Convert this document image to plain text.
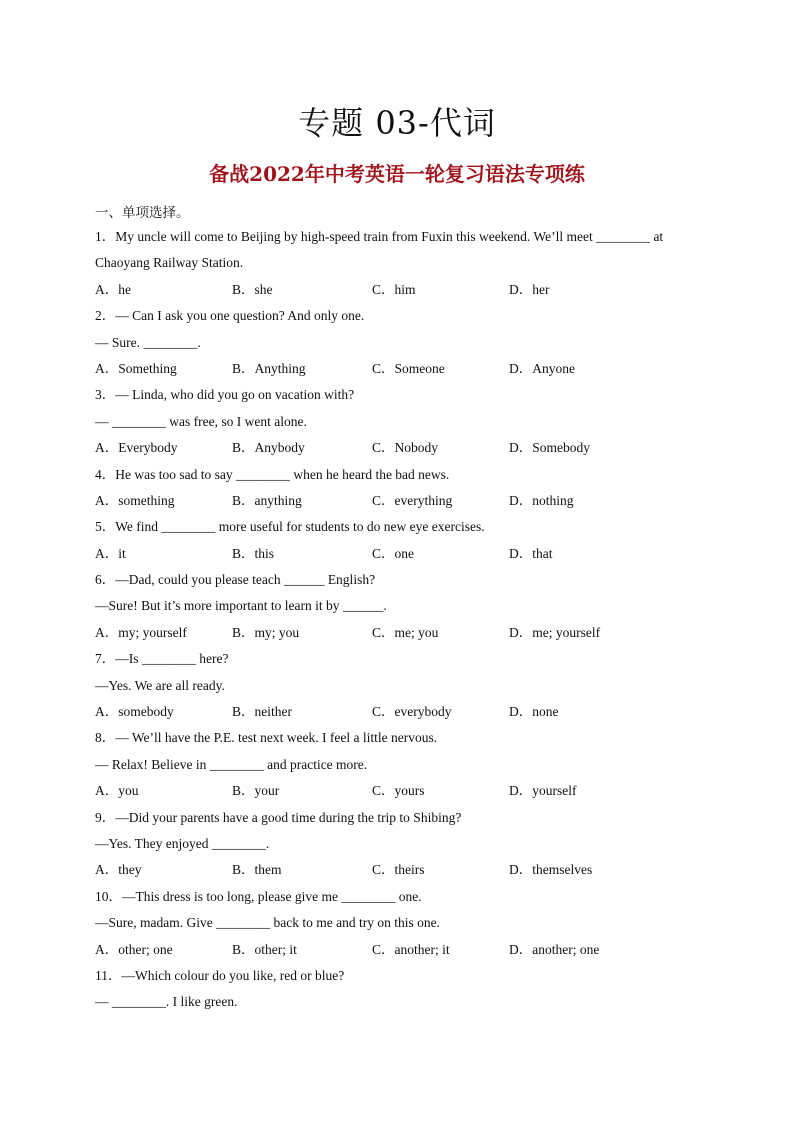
专题 03-代词
备战2022年中考英语一轮复习语法专项练
一、单项选择。
1．My uncle will come to Beijing by high-speed train from Fuxin this weekend. We’ll meet ________ at
Chaoyang Railway Station.
A．he	B．she	C．him	D．her
2．— Can I ask you one question? And only one.
— Sure. ________.
A．Something	B．Anything	C．Someone	D．Anyone
3．— Linda, who did you go on vacation with?
— ________ was free, so I went alone.
A．Everybody	B．Anybody	C．Nobody	D．Somebody
4．He was too sad to say ________ when he heard the bad news.
A．something	B．anything	C．everything	D．nothing
5．We find ________ more useful for students to do new eye exercises.
A．it	B．this	C．one	D．that
6．—Dad, could you please teach ______ English?
—Sure! But it’s more important to learn it by ______.
A．my; yourself	B．my; you	C．me; you	D．me; yourself
7．—Is ________ here?
—Yes. We are all ready.
A．somebody	B．neither	C．everybody	D．none
8．— We’ll have the P.E. test next week. I feel a little nervous.
— Relax! Believe in ________ and practice more.
A．you	B．your	C．yours	D．yourself
9．—Did your parents have a good time during the trip to Shibing?
—Yes. They enjoyed ________.
A．they	B．them	C．theirs	D．themselves
10．—This dress is too long, please give me ________ one.
—Sure, madam. Give ________ back to me and try on this one.
A．other; one	B．other; it	C．another; it	D．another; one
11．—Which colour do you like, red or blue?
— ________. I like green.
